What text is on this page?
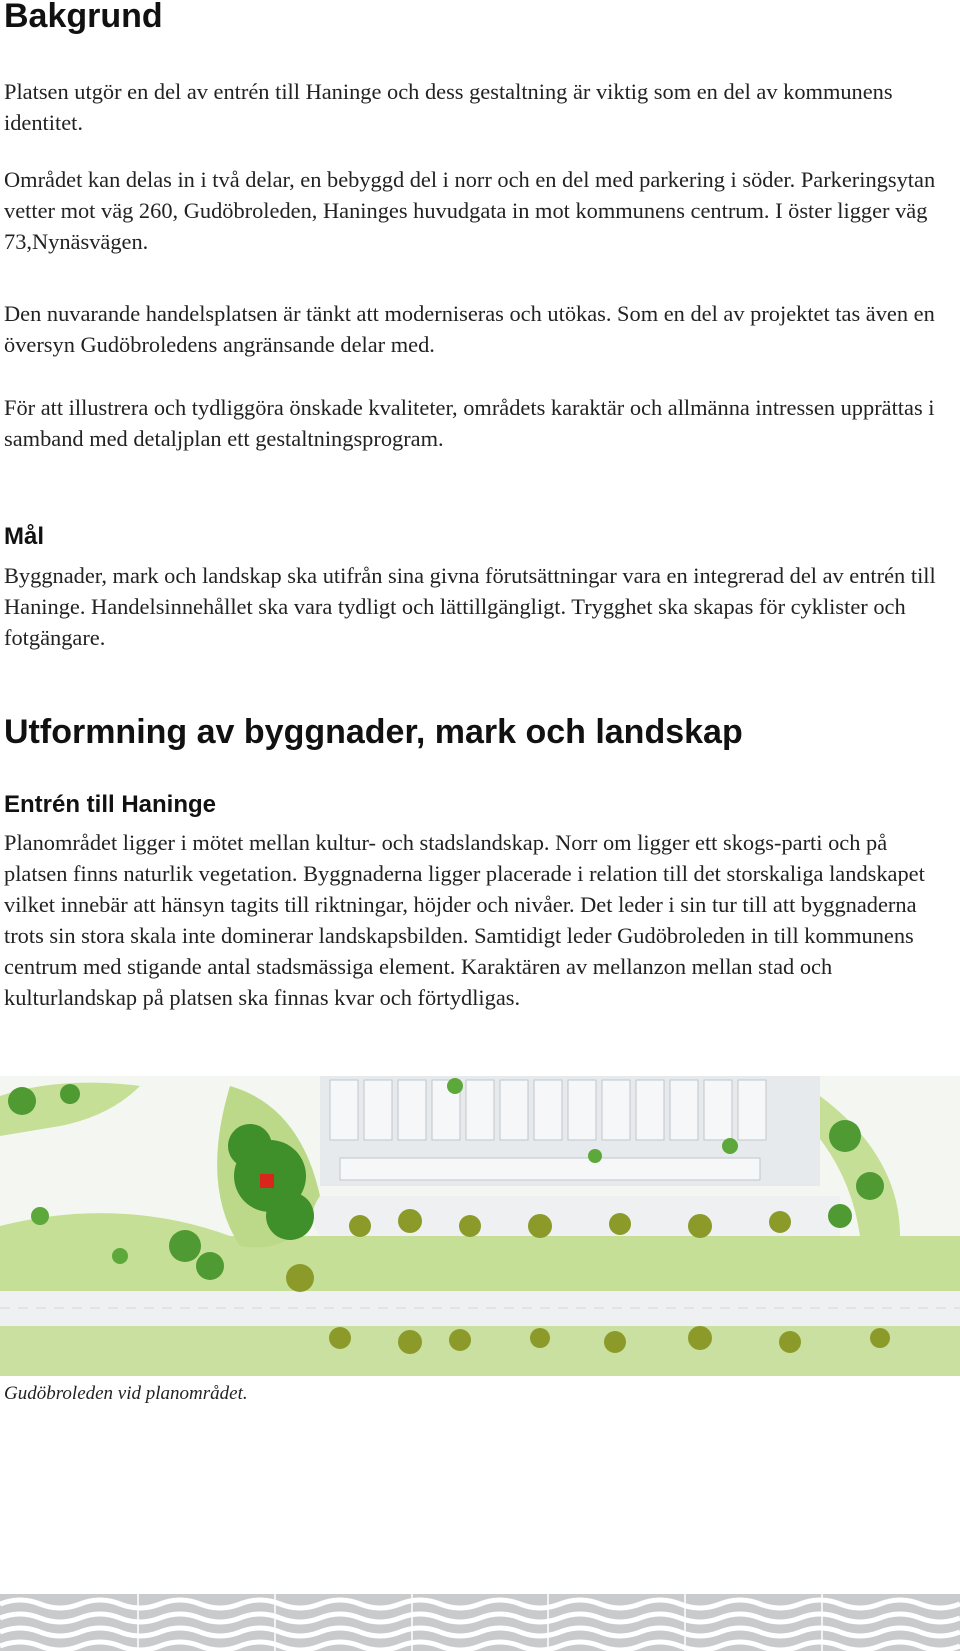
Bakgrund

Platsen utgör en del av entrén till Haninge och dess gestaltning är viktig som en del av kommunens identitet.

Området kan delas in i två delar, en bebyggd del i norr och en del med parkering i söder. Parkeringsytan vetter mot väg 260, Gudöbroleden, Haninges huvudgata in mot kommunens centrum. I öster ligger väg 73,Nynäsvägen.

Den nuvarande handelsplatsen är tänkt att moderniseras och utökas. Som en del av projektet tas även en översyn Gudöbroledens angränsande delar med.

För att illustrera och tydliggöra önskade kvaliteter, områdets karaktär och allmänna intressen upprättas i samband med detaljplan ett gestaltningsprogram.

Mål

Byggnader, mark och landskap ska utifrån sina givna förutsättningar vara en integrerad del av entrén till Haninge. Handelsinnehållet ska vara tydligt och lättillgängligt. Trygghet ska skapas för cyklister och fotgängare.

Utformning av byggnader, mark och landskap
Entrén till Haninge

Planområdet ligger i mötet mellan kultur- och stadslandskap. Norr om ligger ett skogs-parti och på platsen finns naturlik vegetation. Byggnaderna ligger placerade i relation till det storskaliga landskapet vilket innebär att hänsyn tagits till riktningar, höjder och nivåer. Det leder i sin tur till att byggnaderna trots sin stora skala inte dominerar landskapsbilden. Samtidigt leder Gudöbroleden in till kommunens centrum med stigande antal stadsmässiga element. Karaktären av mellanzon mellan stad och kulturlandskap på platsen ska finnas kvar och förtydligas.

Gudöbroleden vid planområdet.
